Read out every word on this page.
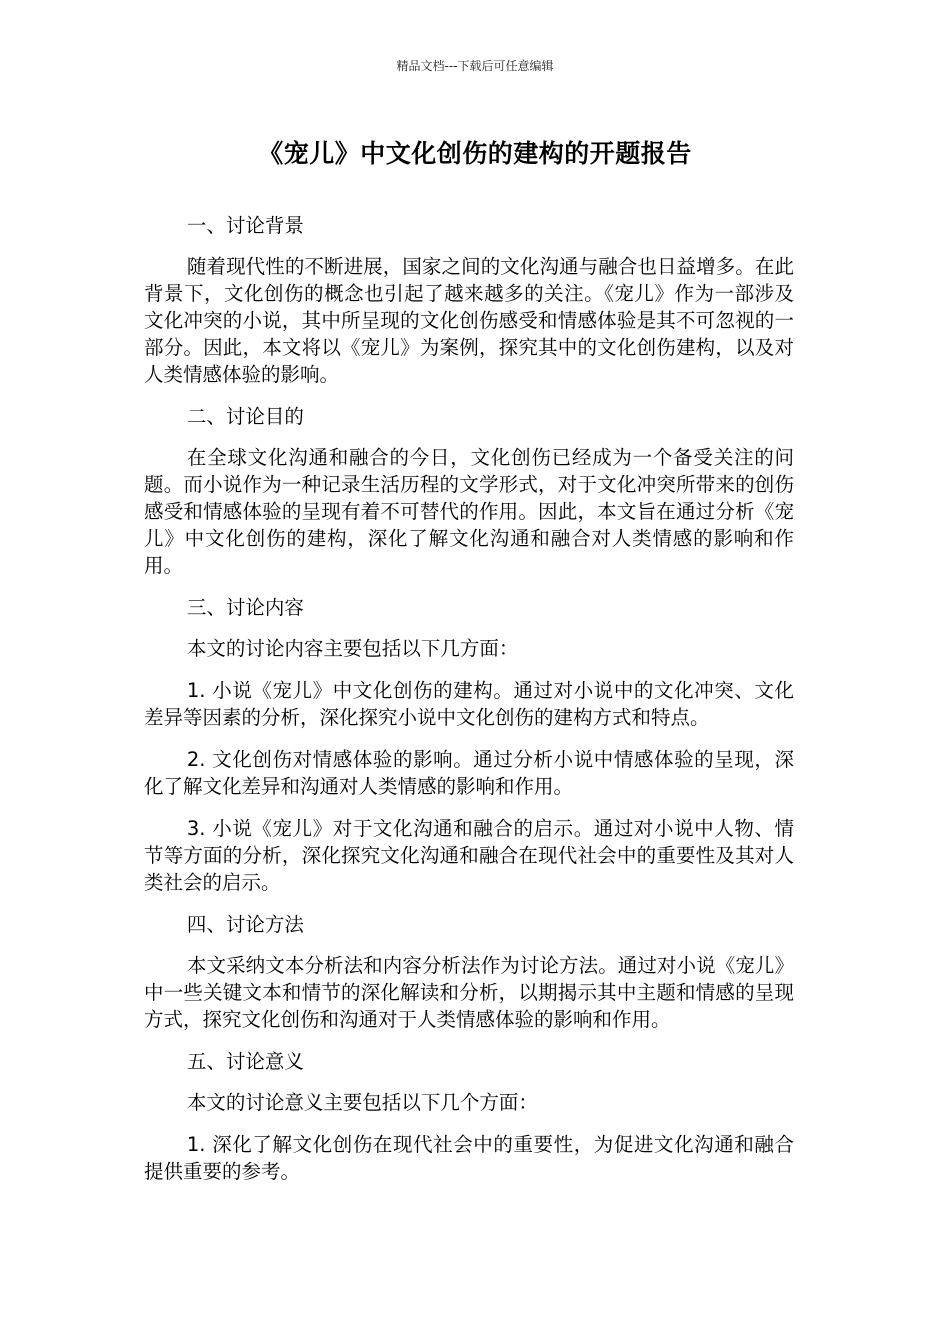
精品文档---下载后可任意编辑
《宠儿》中文化创伤的建构的开题报告

一、讨论背景

随着现代性的不断进展，国家之间的文化沟通与融合也日益增多。在此背景下，文化创伤的概念也引起了越来越多的关注。《宠儿》作为一部涉及文化冲突的小说，其中所呈现的文化创伤感受和情感体验是其不可忽视的一部分。因此，本文将以《宠儿》为案例，探究其中的文化创伤建构，以及对人类情感体验的影响。

二、讨论目的

在全球文化沟通和融合的今日，文化创伤已经成为一个备受关注的问题。而小说作为一种记录生活历程的文学形式，对于文化冲突所带来的创伤感受和情感体验的呈现有着不可替代的作用。因此，本文旨在通过分析《宠儿》中文化创伤的建构，深化了解文化沟通和融合对人类情感的影响和作用。

三、讨论内容

本文的讨论内容主要包括以下几方面：

1. 小说《宠儿》中文化创伤的建构。通过对小说中的文化冲突、文化差异等因素的分析，深化探究小说中文化创伤的建构方式和特点。

2. 文化创伤对情感体验的影响。通过分析小说中情感体验的呈现，深化了解文化差异和沟通对人类情感的影响和作用。

3. 小说《宠儿》对于文化沟通和融合的启示。通过对小说中人物、情节等方面的分析，深化探究文化沟通和融合在现代社会中的重要性及其对人类社会的启示。

四、讨论方法

本文采纳文本分析法和内容分析法作为讨论方法。通过对小说《宠儿》中一些关键文本和情节的深化解读和分析，以期揭示其中主题和情感的呈现方式，探究文化创伤和沟通对于人类情感体验的影响和作用。

五、讨论意义

本文的讨论意义主要包括以下几个方面：

1. 深化了解文化创伤在现代社会中的重要性，为促进文化沟通和融合提供重要的参考。
